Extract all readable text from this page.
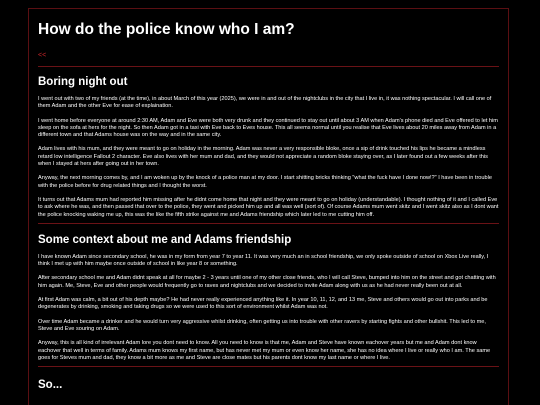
How do the police know who I am?
<<
Boring night out

I went out with two of my friends (at the time), in about March of this year (2025), we were in and out of the nightclubs in the city that I live in, it was nothing spectacular. I will call one of them Adam and the other Eve for ease of explaination.

I went home before everyone at around 2:30 AM, Adam and Eve were both very drunk and they continued to stay out until about 3 AM when Adam's phone died and Eve offered to let him sleep on the sofa at hers for the night. So then Adam got in a taxi with Eve back to Eves house. This all seems normal until you realise that Eve lives about 20 miles away from Adam in a different town and that Adams house was on the way and in the same city.

Adam lives with his mum, and they were meant to go on holiday in the morning. Adam was never a very responsible bloke, once a sip of drink touched his lips he became a mindless retard low intelligence Fallout 2 character. Eve also lives with her mum and dad, and they would not appreciate a random bloke staying over, as I later found out a few weeks after this when I stayed at hers after going out in her town.

Anyway, the next morning comes by, and I am woken up by the knock of a police man at my door. I start shitting bricks thinking "what the fuck have I done now!?" I have been in trouble with the police before for drug related things and I thought the worst.

It turns out that Adams mum had reported him missing after he didnt come home that night and they were meant to go on holiday (understandable). I thought nothing of it and I called Eve to ask where he was, and then passed that over to the police, they went and picked him up and all was well (sort of). Of course Adams mum went skitz and I went skitz also as I dont want the police knocking waking me up, this was the like the fifth strike against me and Adams friendship which later led to me cutting him off.

Some context about me and Adams friendship

I have known Adam since secondary school, he was in my form from year 7 to year 11. It was very much an in school friendship, we only spoke outside of school on Xbox Live really, I think I met up with him maybe once outside of school in like year 8 or something.

After secondary school me and Adam didnt speak at all for maybe 2 - 3 years until one of my other close friends, who I will call Steve, bumped into him on the street and got chatting with him again. Me, Steve, Eve and other people would frequently go to raves and nightclubs and we decided to invite Adam along with us as he had never really been out at all.

At first Adam was calm, a bit out of his depth maybe? He had never really experienced anything like it. In year 10, 11, 12, and 13 me, Steve and others would go out into parks and be degenerates by drinking, smoking and taking drugs so we were used to this sort of environment whilst Adam was not.

Over time Adam became a drinker and he would turn very aggressive whilst drinking, often getting us into trouble with other ravers by starting fights and other bullshit. This led to me, Steve and Eve souring on Adam.

Anyway, this is all kind of irrelevant Adam lore you dont need to know. All you need to know is that me, Adam and Steve have known eachover years but me and Adam dont know eachover that well in terms of family. Adams mum knows my first name, but has never met my mum or even know her name, she has no idea where I live or really who I am. The same goes for Steves mum and dad, they know a bit more as me and Steve are close mates but his parents dont know my last name or where I live.

So...
